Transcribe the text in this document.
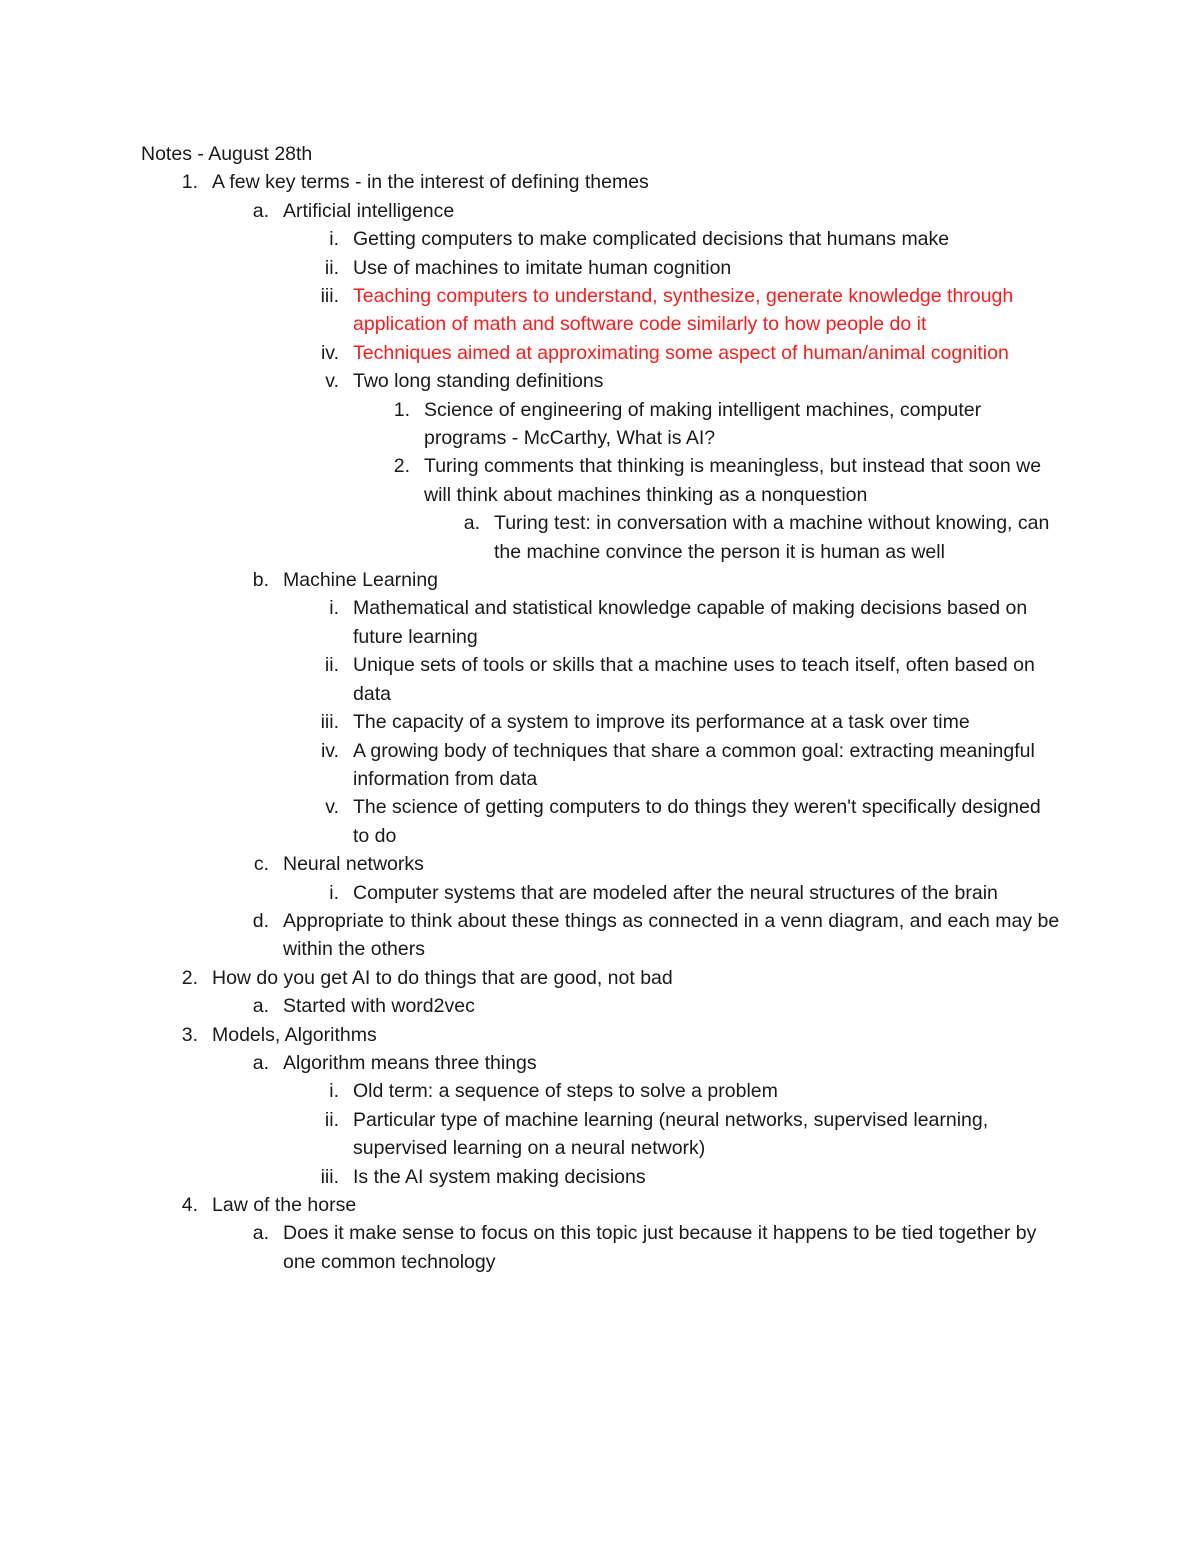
Notes - August 28th
1. A few key terms - in the interest of defining themes
a. Artificial intelligence
i. Getting computers to make complicated decisions that humans make
ii. Use of machines to imitate human cognition
iii. Teaching computers to understand, synthesize, generate knowledge through application of math and software code similarly to how people do it
iv. Techniques aimed at approximating some aspect of human/animal cognition
v. Two long standing definitions
1. Science of engineering of making intelligent machines, computer programs - McCarthy, What is AI?
2. Turing comments that thinking is meaningless, but instead that soon we will think about machines thinking as a nonquestion
a. Turing test: in conversation with a machine without knowing, can the machine convince the person it is human as well
b. Machine Learning
i. Mathematical and statistical knowledge capable of making decisions based on future learning
ii. Unique sets of tools or skills that a machine uses to teach itself, often based on data
iii. The capacity of a system to improve its performance at a task over time
iv. A growing body of techniques that share a common goal: extracting meaningful information from data
v. The science of getting computers to do things they weren't specifically designed to do
c. Neural networks
i. Computer systems that are modeled after the neural structures of the brain
d. Appropriate to think about these things as connected in a venn diagram, and each may be within the others
2. How do you get AI to do things that are good, not bad
a. Started with word2vec
3. Models, Algorithms
a. Algorithm means three things
i. Old term: a sequence of steps to solve a problem
ii. Particular type of machine learning (neural networks, supervised learning, supervised learning on a neural network)
iii. Is the AI system making decisions
4. Law of the horse
a. Does it make sense to focus on this topic just because it happens to be tied together by one common technology
